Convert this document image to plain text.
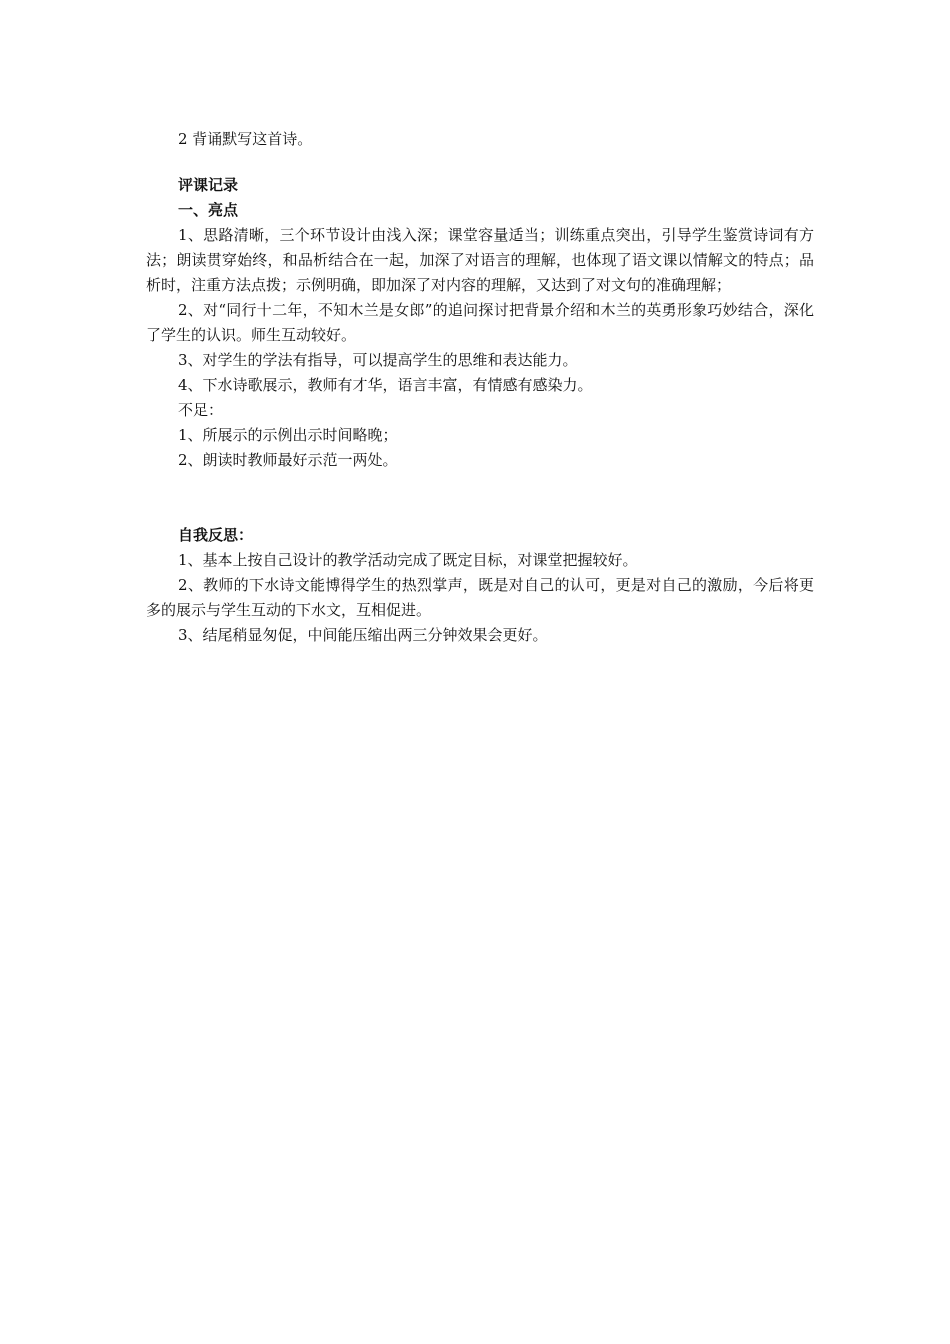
2 背诵默写这首诗。

评课记录

一、亮点

1、思路清晰，三个环节设计由浅入深；课堂容量适当；训练重点突出，引导学生鉴赏诗词有方法；朗读贯穿始终，和品析结合在一起，加深了对语言的理解，也体现了语文课以情解文的特点；品析时，注重方法点拨；示例明确，即加深了对内容的理解，又达到了对文句的准确理解；

2、对“同行十二年，不知木兰是女郎”的追问探讨把背景介绍和木兰的英勇形象巧妙结合，深化了学生的认识。师生互动较好。

3、对学生的学法有指导，可以提高学生的思维和表达能力。

4、下水诗歌展示，教师有才华，语言丰富，有情感有感染力。

不足：

1、所展示的示例出示时间略晚；

2、朗读时教师最好示范一两处。

自我反思：

1、基本上按自己设计的教学活动完成了既定目标，对课堂把握较好。

2、教师的下水诗文能博得学生的热烈掌声，既是对自己的认可，更是对自己的激励，今后将更多的展示与学生互动的下水文，互相促进。

3、结尾稍显匆促，中间能压缩出两三分钟效果会更好。
